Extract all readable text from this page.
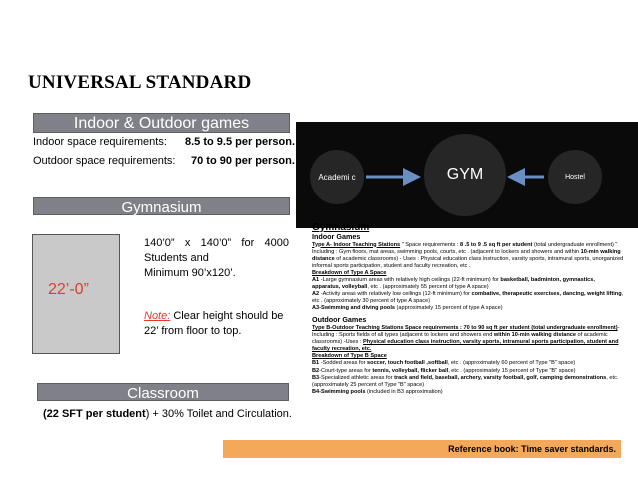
UNIVERSAL STANDARD
Indoor & Outdoor games
Indoor space requirements: 8.5 to 9.5 per person.
Outdoor space requirements: 70 to 90 per person.
Academi c	GYM	Hostel
Gymnasium
22’-0”
140’0” x 140’0” for 4000 Students and
Minimum 90’x120’.
Note: Clear height should be 22’ from floor to top.
Classroom
(22 SFT per student) + 30% Toilet and Circulation.
Gymnasium
Indoor Games

Type A- Indoor Teaching Stations " Space requirements : 8 .5 to 9 .5 sq ft per student (total undergraduate enrollment) " Including : Gym floors, mat areas, swimming pools, courts, etc . (adjacent to lockers and showers and within 10-min walking distance of academic classrooms) - Uses : Physical education class instruction, varsity sports, intramural sports, unorganized informal sports participation, student and faculty recreation, etc .

Breakdown of Type A Space

A1 -Large gymnasium areas with relatively high ceilings (22-ft minimum) for basketball, badminton, gymnastics, apparatus, volleyball, etc . (approximately 55 percent of type A space)

A2 -Activity areas with relatively low ceilings (12-ft minimum) for combative, therapeutic exercises, dancing, weight lifting, etc . (approximately 30 percent of type A space)

A3-Swimming and diving pools (approximately 15 percent of type A space)

Outdoor Games

Type B-Outdoor Teaching Stations Space requirements : 70 to 90 sq ft per student (total undergraduate enrollment)- Including : Sports fields of all types (adjacent to lockers and showers end within 10-min walking distance of academic classrooms) -Uses : Physical education class instruction, varsity sports, intramural sports participation, student and faculty recreation, etc.

Breakdown of Type B Space

B1 -Sodded areas for soccer, touch football ,softball, etc . (approximately 60 percent of Type "B" space)

B2-Court-type areas for tennis, volleyball, flicker ball, etc . (approximately 15 percent of Type "B" space)

B3-Specialized athletic areas for track and field, baseball, archery, varsity football, golf, camping demonstrations, etc. (approximately 25 percent of Type "B" space)

B4-Swimming pools (included in B3 approximation)

Reference book: Time saver standards.
